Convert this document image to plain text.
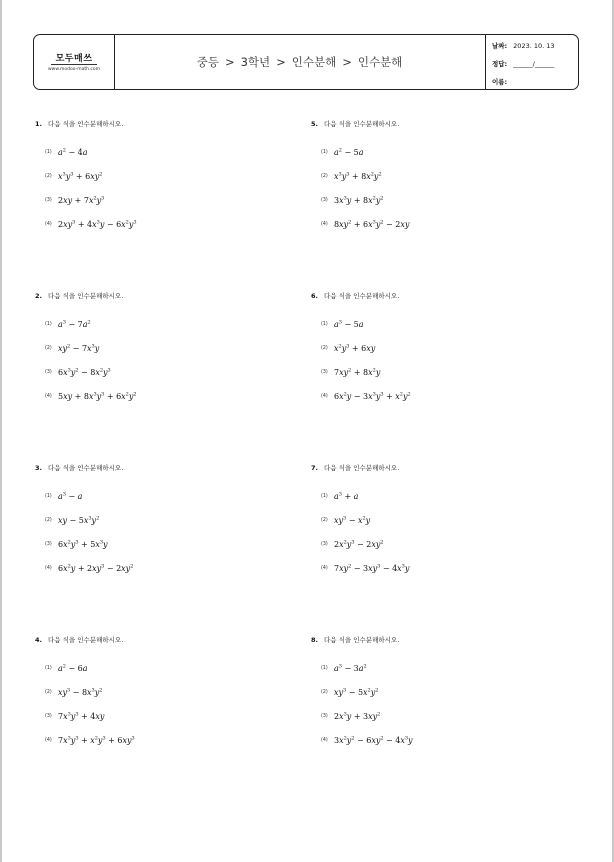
모두매쓰
www.modoo-math.com
중등 > 3학년 > 인수분해 > 인수분해
날짜: 2023. 10. 13
정답: ______/______
이름:
1. 다음 식을 인수분해하시오.
(1) $a^2 - 4a$
(2) $x^3y^3 + 6xy^2$
(3) $2xy + 7x^2y^3$
(4) $2xy^3 + 4x^3y - 6x^2y^3$
2. 다음 식을 인수분해하시오.
(1) $a^3 - 7a^2$
(2) $xy^2 - 7x^3y$
(3) $6x^3y^2 - 8x^2y^3$
(4) $5xy + 8x^3y^3 + 6x^2y^2$
3. 다음 식을 인수분해하시오.
(1) $a^3 - a$
(2) xy − $5x^3y^2$
(3) $6x^2y^3 + 5x^3y$
(4) $6x^2y + 2xy^3 - 2xy^2$
4. 다음 식을 인수분해하시오.
(1) $a^2 - 6a$
(2) $xy^3 - 8x^3y^2$
(3) $7x^3y^3 + 4xy$
(4) $7x^3y^3 + x^2y^3 + 6xy^3$
5. 다음 식을 인수분해하시오.
(1) $a^2 - 5a$
(2) $x^3y^3 + 8x^2y^2$
(3) $3x^3y + 8x^2y^2$
(4) $8xy^2 + 6x^3y^2 - 2xy$
6. 다음 식을 인수분해하시오.
(1) $a^3 - 5a$
(2) $x^2y^3 + 6xy$
(3) $7xy^2 + 8x^2y$
(4) $6x^2y - 3x^3y^3 + x^2y^2$
7. 다음 식을 인수분해하시오.
(1) $a^3 + a$
(2) $xy^3 - x^2y$
(3) $2x^2y^3 - 2xy^2$
(4) $7xy^2 - 3xy^3 - 4x^3y$
8. 다음 식을 인수분해하시오.
(1) $a^3 - 3a^2$
(2) $xy^3 - 5x^2y^2$
(3) $2x^3y + 3xy^2$
(4) $3x^2y^2 - 6xy^2 - 4x^3y$
